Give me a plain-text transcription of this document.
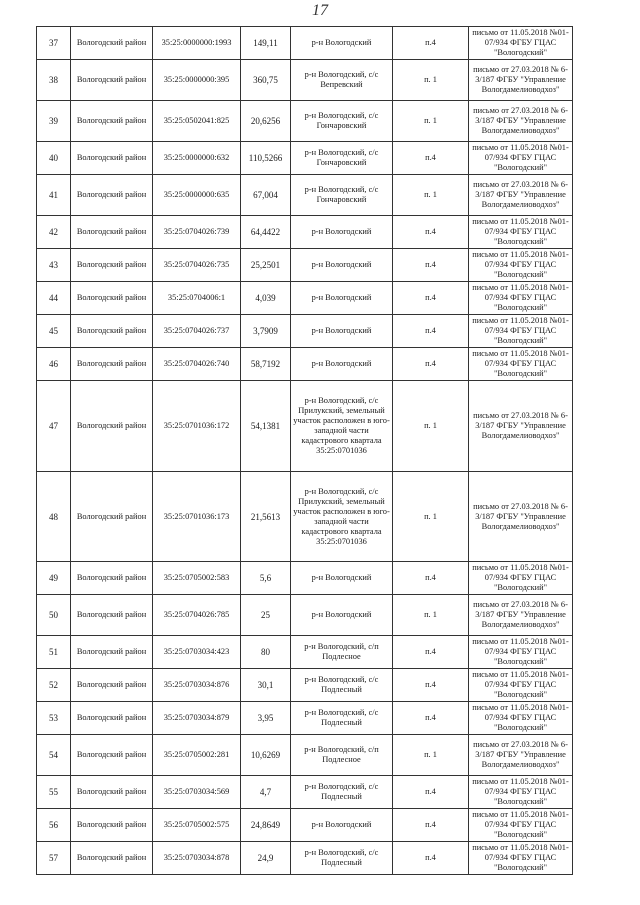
17
37	Вологодский район	35:25:0000000:1993	149,11	р-н Вологодский	п.4	письмо от 11.05.2018 №01-07/934 ФГБУ ГЦАС "Вологодский"
38	Вологодский район	35:25:0000000:395	360,75	р-н Вологодский, с/с Вепревский	п. 1	письмо от 27.03.2018 № 6-3/187 ФГБУ "Управление Вологдамелиоводхоз"
39	Вологодский район	35:25:0502041:825	20,6256	р-н Вологодский, с/с Гончаровский	п. 1	письмо от 27.03.2018 № 6-3/187 ФГБУ "Управление Вологдамелиоводхоз"
40	Вологодский район	35:25:0000000:632	110,5266	р-н Вологодский, с/с Гончаровский	п.4	письмо от 11.05.2018 №01-07/934 ФГБУ ГЦАС "Вологодский"
41	Вологодский район	35:25:0000000:635	67,004	р-н Вологодский, с/с Гончаровский	п. 1	письмо от 27.03.2018 № 6-3/187 ФГБУ "Управление Вологдамелиоводхоз"
42	Вологодский район	35:25:0704026:739	64,4422	р-н Вологодский	п.4	письмо от 11.05.2018 №01-07/934 ФГБУ ГЦАС "Вологодский"
43	Вологодский район	35:25:0704026:735	25,2501	р-н Вологодский	п.4	письмо от 11.05.2018 №01-07/934 ФГБУ ГЦАС "Вологодский"
44	Вологодский район	35:25:0704006:1	4,039	р-н Вологодский	п.4	письмо от 11.05.2018 №01-07/934 ФГБУ ГЦАС "Вологодский"
45	Вологодский район	35:25:0704026:737	3,7909	р-н Вологодский	п.4	письмо от 11.05.2018 №01-07/934 ФГБУ ГЦАС "Вологодский"
46	Вологодский район	35:25:0704026:740	58,7192	р-н Вологодский	п.4	письмо от 11.05.2018 №01-07/934 ФГБУ ГЦАС "Вологодский"
47	Вологодский район	35:25:0701036:172	54,1381	р-н Вологодский, с/с Прилукский, земельный участок расположен в юго-западной части кадастрового квартала 35:25:0701036	п. 1	письмо от 27.03.2018 № 6-3/187 ФГБУ "Управление Вологдамелиоводхоз"
48	Вологодский район	35:25:0701036:173	21,5613	р-н Вологодский, с/с Прилукский, земельный участок расположен в юго-западной части кадастрового квартала 35:25:0701036	п. 1	письмо от 27.03.2018 № 6-3/187 ФГБУ "Управление Вологдамелиоводхоз"
49	Вологодский район	35:25:0705002:583	5,6	р-н Вологодский	п.4	письмо от 11.05.2018 №01-07/934 ФГБУ ГЦАС "Вологодский"
50	Вологодский район	35:25:0704026:785	25	р-н Вологодский	п. 1	письмо от 27.03.2018 № 6-3/187 ФГБУ "Управление Вологдамелиоводхоз"
51	Вологодский район	35:25:0703034:423	80	р-н Вологодский, с/п Подлесное	п.4	письмо от 11.05.2018 №01-07/934 ФГБУ ГЦАС "Вологодский"
52	Вологодский район	35:25:0703034:876	30,1	р-н Вологодский, с/с Подлесный	п.4	письмо от 11.05.2018 №01-07/934 ФГБУ ГЦАС "Вологодский"
53	Вологодский район	35:25:0703034:879	3,95	р-н Вологодский, с/с Подлесный	п.4	письмо от 11.05.2018 №01-07/934 ФГБУ ГЦАС "Вологодский"
54	Вологодский район	35:25:0705002:281	10,6269	р-н Вологодский, с/п Подлесное	п. 1	письмо от 27.03.2018 № 6-3/187 ФГБУ "Управление Вологдамелиоводхоз"
55	Вологодский район	35:25:0703034:569	4,7	р-н Вологодский, с/с Подлесный	п.4	письмо от 11.05.2018 №01-07/934 ФГБУ ГЦАС "Вологодский"
56	Вологодский район	35:25:0705002:575	24,8649	р-н Вологодский	п.4	письмо от 11.05.2018 №01-07/934 ФГБУ ГЦАС "Вологодский"
57	Вологодский район	35:25:0703034:878	24,9	р-н Вологодский, с/с Подлесный	п.4	письмо от 11.05.2018 №01-07/934 ФГБУ ГЦАС "Вологодский"
